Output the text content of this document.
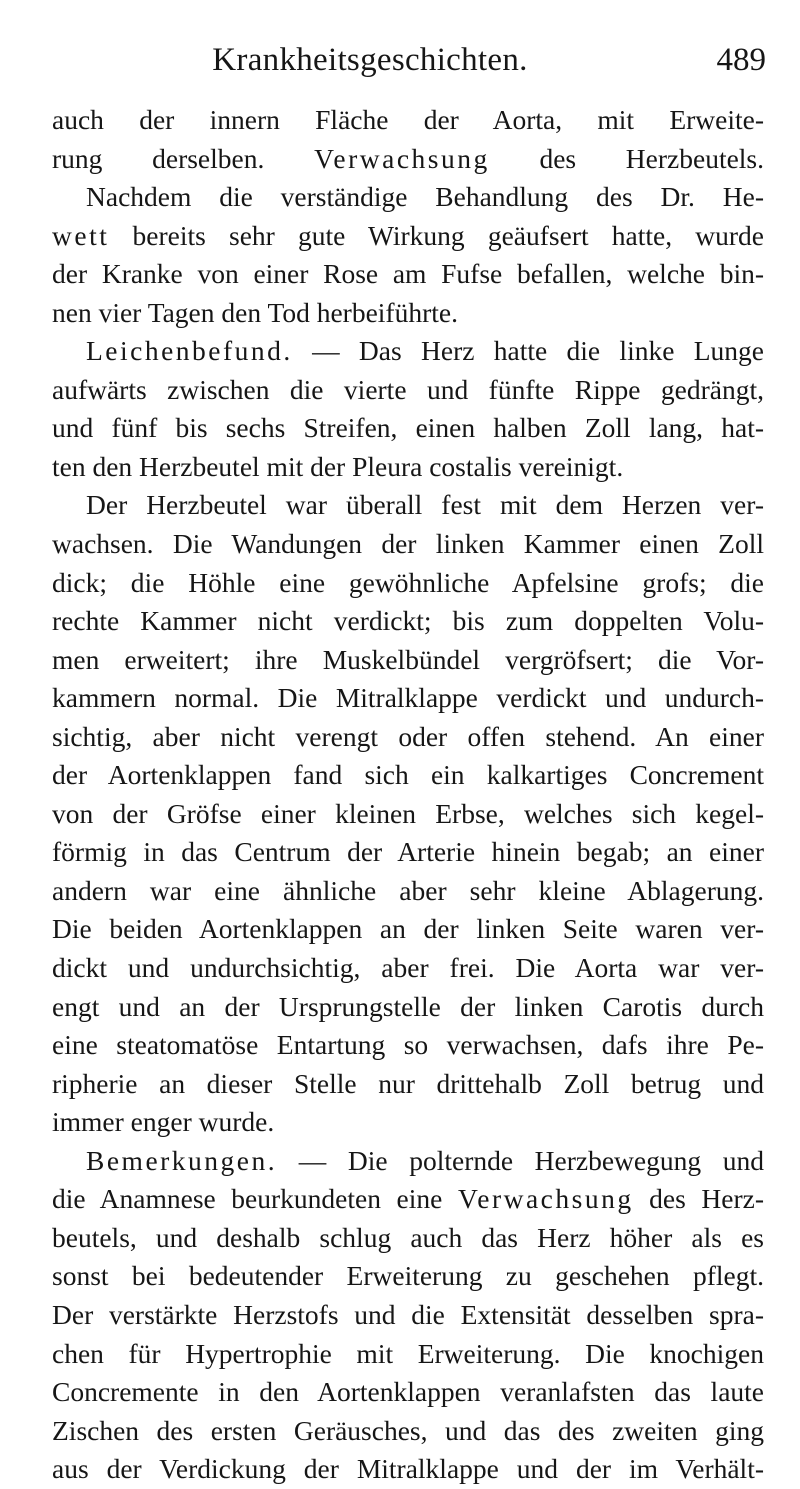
Krankheitsgeschichten.	489
auch der innern Fläche der Aorta, mit Erweite-
rung derselben. Verwachsung des Herzbeutels.
Nachdem die verständige Behandlung des Dr. He-
wett bereits sehr gute Wirkung geäufsert hatte, wurde
der Kranke von einer Rose am Fufse befallen, welche bin-
nen vier Tagen den Tod herbeiführte.
Leichenbefund. — Das Herz hatte die linke Lunge
aufwärts zwischen die vierte und fünfte Rippe gedrängt,
und fünf bis sechs Streifen, einen halben Zoll lang, hat-
ten den Herzbeutel mit der Pleura costalis vereinigt.
Der Herzbeutel war überall fest mit dem Herzen ver-
wachsen. Die Wandungen der linken Kammer einen Zoll
dick; die Höhle eine gewöhnliche Apfelsine grofs; die
rechte Kammer nicht verdickt; bis zum doppelten Volu-
men erweitert; ihre Muskelbündel vergröfsert; die Vor-
kammern normal. Die Mitralklappe verdickt und undurch-
sichtig, aber nicht verengt oder offen stehend. An einer
der Aortenklappen fand sich ein kalkartiges Concrement
von der Gröfse einer kleinen Erbse, welches sich kegel-
förmig in das Centrum der Arterie hinein begab; an einer
andern war eine ähnliche aber sehr kleine Ablagerung.
Die beiden Aortenklappen an der linken Seite waren ver-
dickt und undurchsichtig, aber frei. Die Aorta war ver-
engt und an der Ursprungstelle der linken Carotis durch
eine steatomatöse Entartung so verwachsen, dafs ihre Pe-
ripherie an dieser Stelle nur drittehalb Zoll betrug und
immer enger wurde.
Bemerkungen. — Die polternde Herzbewegung und
die Anamnese beurkundeten eine Verwachsung des Herz-
beutels, und deshalb schlug auch das Herz höher als es
sonst bei bedeutender Erweiterung zu geschehen pflegt.
Der verstärkte Herzstofs und die Extensität desselben spra-
chen für Hypertrophie mit Erweiterung. Die knochigen
Concremente in den Aortenklappen veranlafsten das laute
Zischen des ersten Geräusches, und das des zweiten ging
aus der Verdickung der Mitralklappe und der im Verhält-
